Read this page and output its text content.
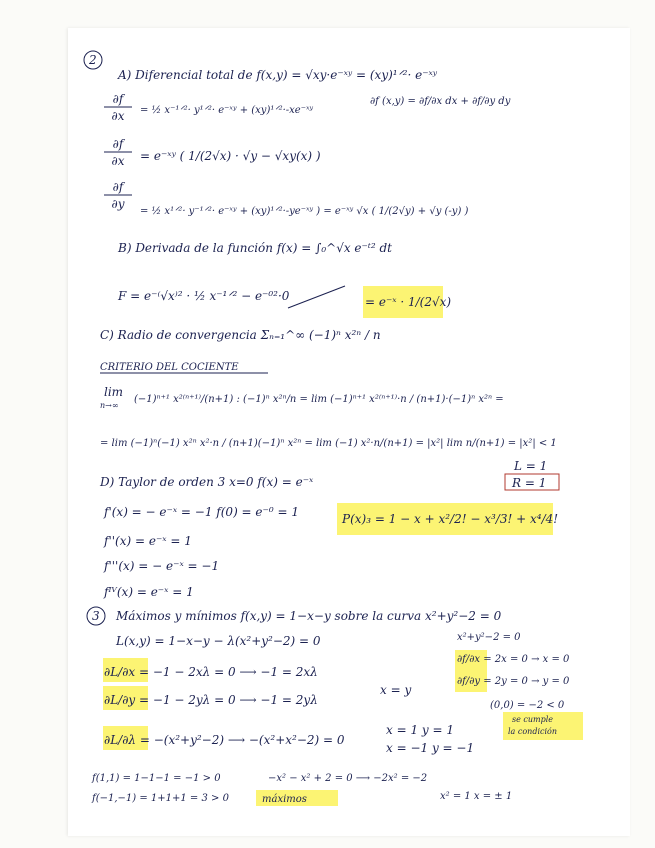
2
A) Diferencial total de f(x,y) = √xy·e⁻ˣʸ = (xy)¹ᐟ²· e⁻ˣʸ
∂f
∂x = ½ x⁻¹ᐟ²· y¹ᐟ²· e⁻ˣʸ + (xy)¹ᐟ²·-xe⁻ˣʸ
∂f (x,y) = ∂f/∂x dx + ∂f/∂y dy
∂f
∂x = e⁻ˣʸ ( 1/(2√x) · √y − √xy(x) )
∂f
∂y
= ½ x¹ᐟ²· y⁻¹ᐟ²· e⁻ˣʸ + (xy)¹ᐟ²·-ye⁻ˣʸ ) = e⁻ˣʸ √x ( 1/(2√y) + √y (-y) )
B) Derivada de la función f(x) = ∫₀^√x e⁻ᵗ² dt
F = e⁻⁽√x⁾² · ½ x⁻¹ᐟ² − e⁻⁰²·0	= e⁻ˣ · 1/(2√x)
C) Radio de convergencia Σₙ₌₁^∞ (−1)ⁿ x²ⁿ / n
CRITERIO DEL COCIENTE
lim
n→∞
(−1)ⁿ⁺¹ x²⁽ⁿ⁺¹⁾/(n+1) : (−1)ⁿ x²ⁿ/n = lim (−1)ⁿ⁺¹ x²⁽ⁿ⁺¹⁾·n / (n+1)·(−1)ⁿ x²ⁿ =
= lim (−1)ⁿ(−1) x²ⁿ x²·n / (n+1)(−1)ⁿ x²ⁿ = lim (−1) x²·n/(n+1) = |x²| lim n/(n+1) = |x²| < 1
L = 1
R = 1
D) Taylor de orden 3 x=0 f(x) = e⁻ˣ
f'(x) = − e⁻ˣ = −1 f(0) = e⁻⁰ = 1
f''(x) = e⁻ˣ = 1
f'''(x) = − e⁻ˣ = −1
fᴵⱽ(x) = e⁻ˣ = 1
P(x)₃ = 1 − x + x²/2! − x³/3! + x⁴/4!
3 Máximos y mínimos f(x,y) = 1−x−y sobre la curva x²+y²−2 = 0
L(x,y) = 1−x−y − λ(x²+y²−2) = 0
∂L/∂x = −1 − 2xλ = 0 ⟶ −1 = 2xλ
∂L/∂y = −1 − 2yλ = 0 ⟶ −1 = 2yλ
∂L/∂λ = −(x²+y²−2) ⟶ −(x²+x²−2) = 0
x = y
x²+y²−2 = 0
∂f/∂x = 2x = 0 → x = 0
∂f/∂y = 2y = 0 → y = 0
(0,0) = −2 < 0
se cumple
la condición
x = 1 y = 1
x = −1 y = −1
−x² − x² + 2 = 0 ⟶ −2x² = −2
x² = 1 x = ± 1
f(1,1) = 1−1−1 = −1 > 0
f(−1,−1) = 1+1+1 = 3 > 0	máximos
